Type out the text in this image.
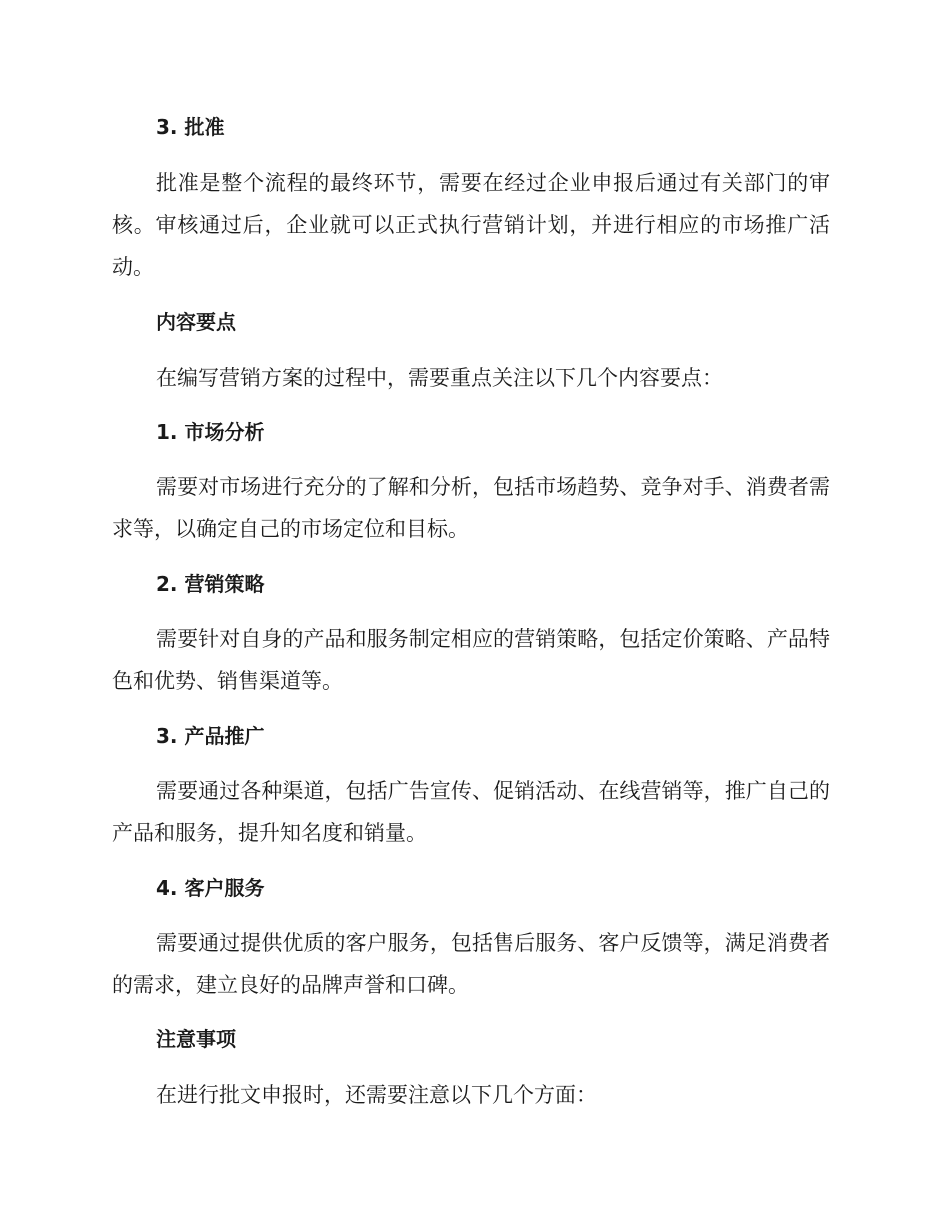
3. 批准

批准是整个流程的最终环节，需要在经过企业申报后通过有关部门的审核。审核通过后，企业就可以正式执行营销计划，并进行相应的市场推广活动。

内容要点

在编写营销方案的过程中，需要重点关注以下几个内容要点：

1. 市场分析

需要对市场进行充分的了解和分析，包括市场趋势、竞争对手、消费者需求等，以确定自己的市场定位和目标。

2. 营销策略

需要针对自身的产品和服务制定相应的营销策略，包括定价策略、产品特色和优势、销售渠道等。

3. 产品推广

需要通过各种渠道，包括广告宣传、促销活动、在线营销等，推广自己的产品和服务，提升知名度和销量。

4. 客户服务

需要通过提供优质的客户服务，包括售后服务、客户反馈等，满足消费者的需求，建立良好的品牌声誉和口碑。

注意事项

在进行批文申报时，还需要注意以下几个方面：
